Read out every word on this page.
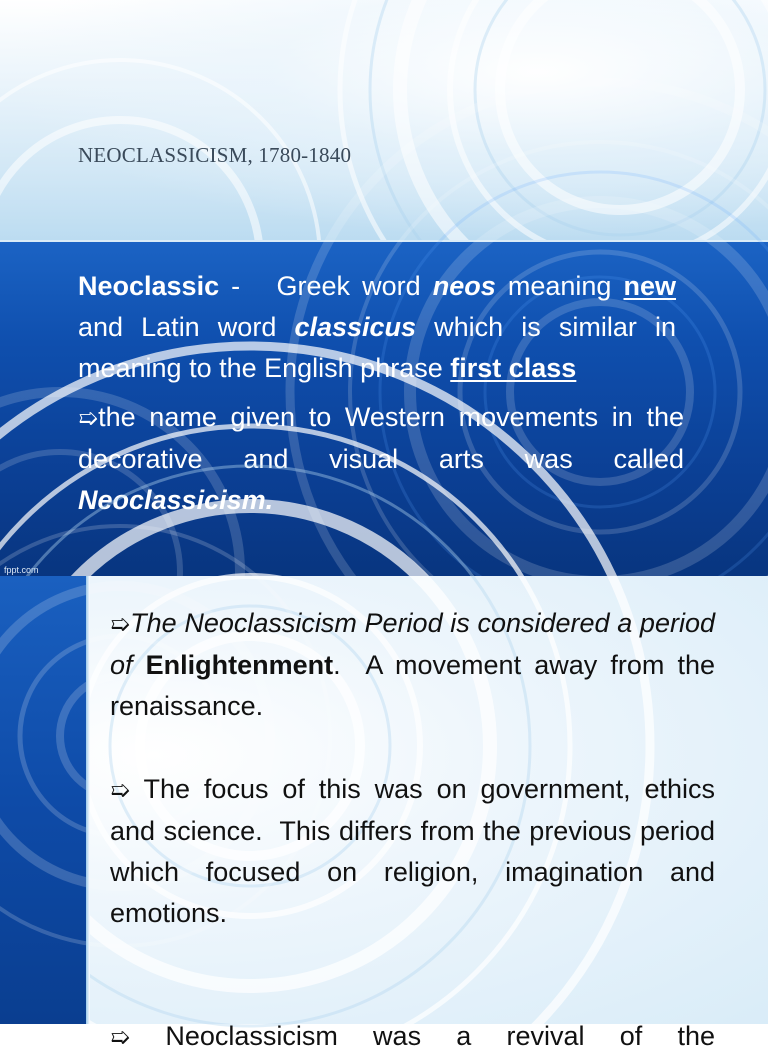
NEOCLASSICISM, 1780-1840

Neoclassic -   Greek word neos meaning new and Latin word classicus which is similar in meaning to the English phrase first class

➯the name given to Western movements in the decorative and visual arts was called Neoclassicism.

fppt.com

➯The Neoclassicism Period is considered a period of Enlightenment.  A movement away from the renaissance.

➯ The focus of this was on government, ethics and science.  This differs from the previous period which focused on religion, imagination and emotions.

➯ Neoclassicism was a revival of the
